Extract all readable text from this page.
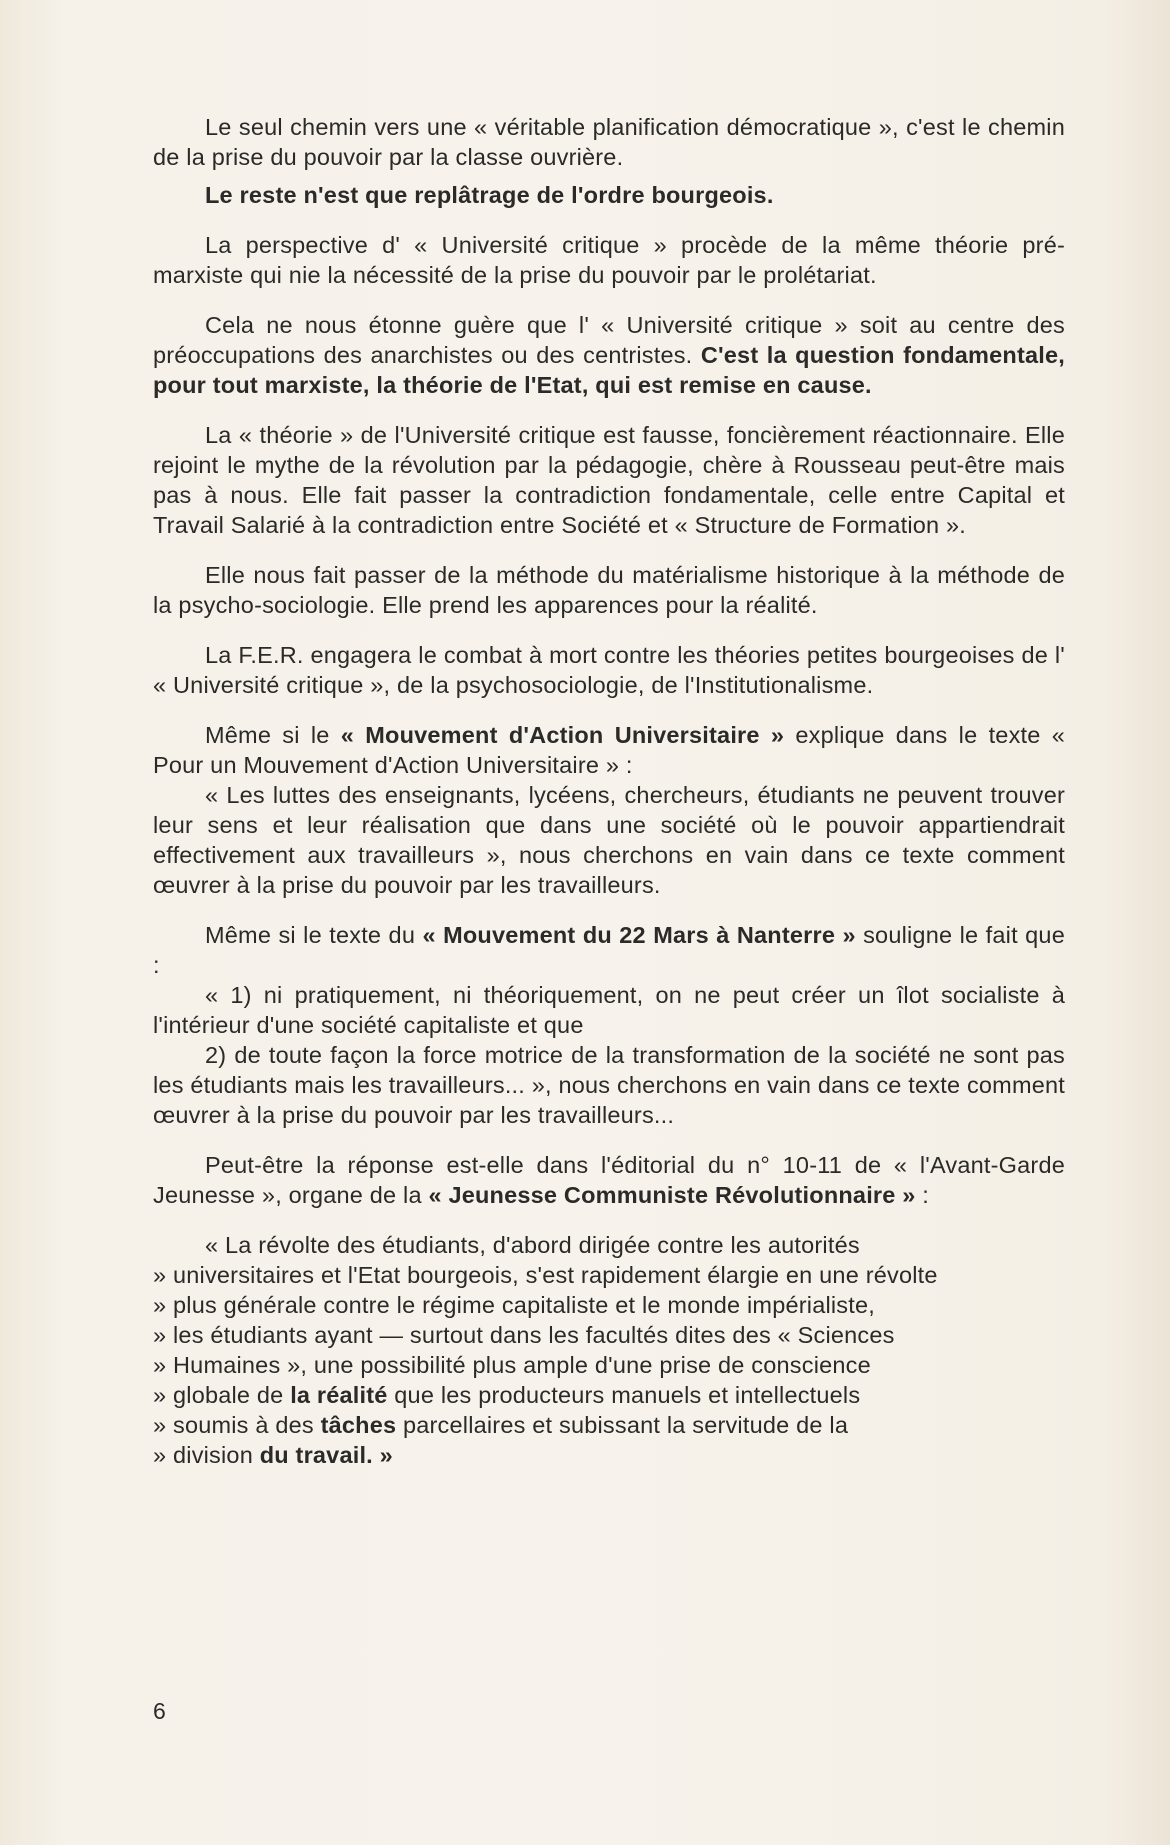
Le seul chemin vers une « véritable planification démocratique », c'est le chemin de la prise du pouvoir par la classe ouvrière.

Le reste n'est que replâtrage de l'ordre bourgeois.

La perspective d' « Université critique » procède de la même théorie pré-marxiste qui nie la nécessité de la prise du pouvoir par le prolétariat.

Cela ne nous étonne guère que l' « Université critique » soit au centre des préoccupations des anarchistes ou des centristes. C'est la question fondamentale, pour tout marxiste, la théorie de l'Etat, qui est remise en cause.

La « théorie » de l'Université critique est fausse, foncièrement réactionnaire. Elle rejoint le mythe de la révolution par la pédagogie, chère à Rousseau peut-être mais pas à nous. Elle fait passer la contradiction fondamentale, celle entre Capital et Travail Salarié à la contradiction entre Société et « Structure de Formation ».

Elle nous fait passer de la méthode du matérialisme historique à la méthode de la psycho-sociologie. Elle prend les apparences pour la réalité.

La F.E.R. engagera le combat à mort contre les théories petites bourgeoises de l' « Université critique », de la psychosociologie, de l'Institutionalisme.

Même si le « Mouvement d'Action Universitaire » explique dans le texte « Pour un Mouvement d'Action Universitaire » :

« Les luttes des enseignants, lycéens, chercheurs, étudiants ne peuvent trouver leur sens et leur réalisation que dans une société où le pouvoir appartiendrait effectivement aux travailleurs », nous cherchons en vain dans ce texte comment œuvrer à la prise du pouvoir par les travailleurs.

Même si le texte du « Mouvement du 22 Mars à Nanterre » souligne le fait que :

« 1) ni pratiquement, ni théoriquement, on ne peut créer un îlot socialiste à l'intérieur d'une société capitaliste et que

2) de toute façon la force motrice de la transformation de la société ne sont pas les étudiants mais les travailleurs... », nous cherchons en vain dans ce texte comment œuvrer à la prise du pouvoir par les travailleurs...

Peut-être la réponse est-elle dans l'éditorial du n° 10-11 de « l'Avant-Garde Jeunesse », organe de la « Jeunesse Communiste Révolutionnaire » :

« La révolte des étudiants, d'abord dirigée contre les autorités

» universitaires et l'Etat bourgeois, s'est rapidement élargie en une révolte

» plus générale contre le régime capitaliste et le monde impérialiste,

» les étudiants ayant — surtout dans les facultés dites des « Sciences

» Humaines », une possibilité plus ample d'une prise de conscience

» globale de la réalité que les producteurs manuels et intellectuels

» soumis à des tâches parcellaires et subissant la servitude de la

» division du travail. »

6
